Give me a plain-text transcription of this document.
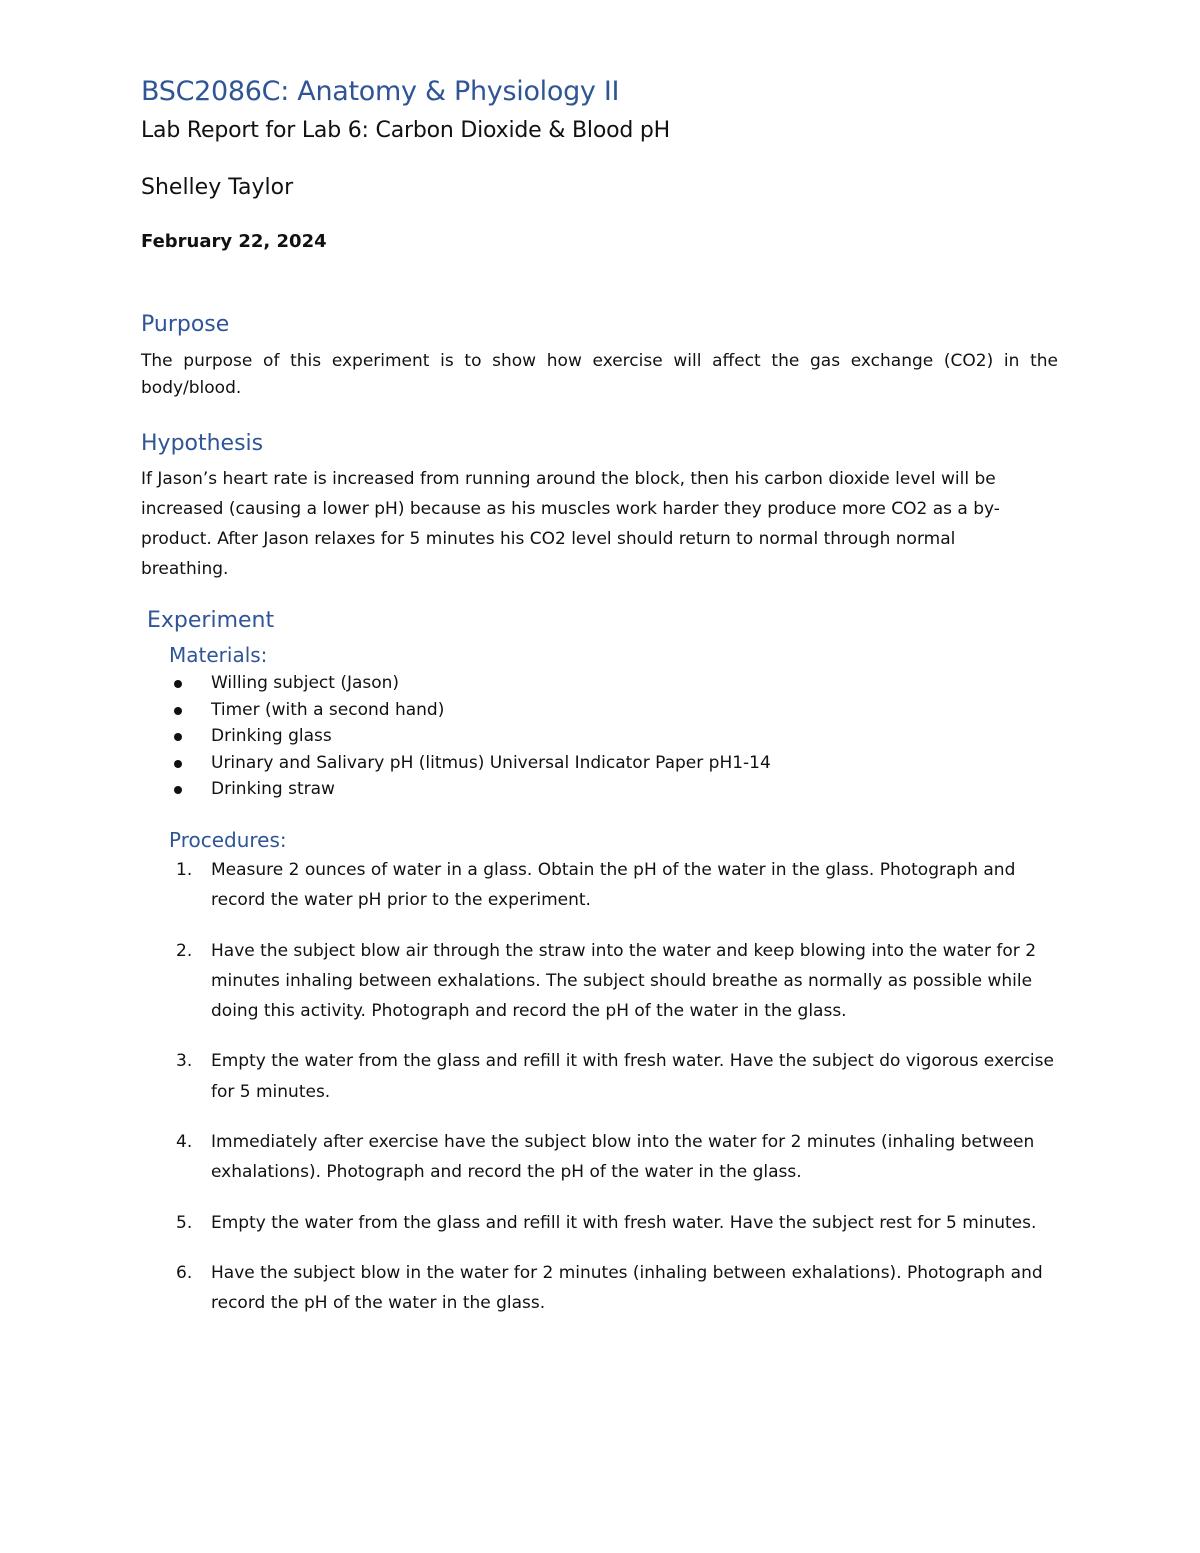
BSC2086C: Anatomy & Physiology II
Lab Report for Lab 6: Carbon Dioxide & Blood pH
Shelley Taylor
February 22, 2024
Purpose
The purpose of this experiment is to show how exercise will affect the gas exchange (CO2) in the body/blood.
Hypothesis
If Jason’s heart rate is increased from running around the block, then his carbon dioxide level will be increased (causing a lower pH) because as his muscles work harder they produce more CO2 as a by-product. After Jason relaxes for 5 minutes his CO2 level should return to normal through normal breathing.
Experiment
Materials:
Willing subject (Jason)
Timer (with a second hand)
Drinking glass
Urinary and Salivary pH (litmus) Universal Indicator Paper pH1-14
Drinking straw
Procedures:
1. Measure 2 ounces of water in a glass. Obtain the pH of the water in the glass. Photograph and record the water pH prior to the experiment.
2. Have the subject blow air through the straw into the water and keep blowing into the water for 2 minutes inhaling between exhalations. The subject should breathe as normally as possible while doing this activity. Photograph and record the pH of the water in the glass.
3. Empty the water from the glass and refill it with fresh water. Have the subject do vigorous exercise for 5 minutes.
4. Immediately after exercise have the subject blow into the water for 2 minutes (inhaling between exhalations). Photograph and record the pH of the water in the glass.
5. Empty the water from the glass and refill it with fresh water. Have the subject rest for 5 minutes.
6. Have the subject blow in the water for 2 minutes (inhaling between exhalations). Photograph and record the pH of the water in the glass.
